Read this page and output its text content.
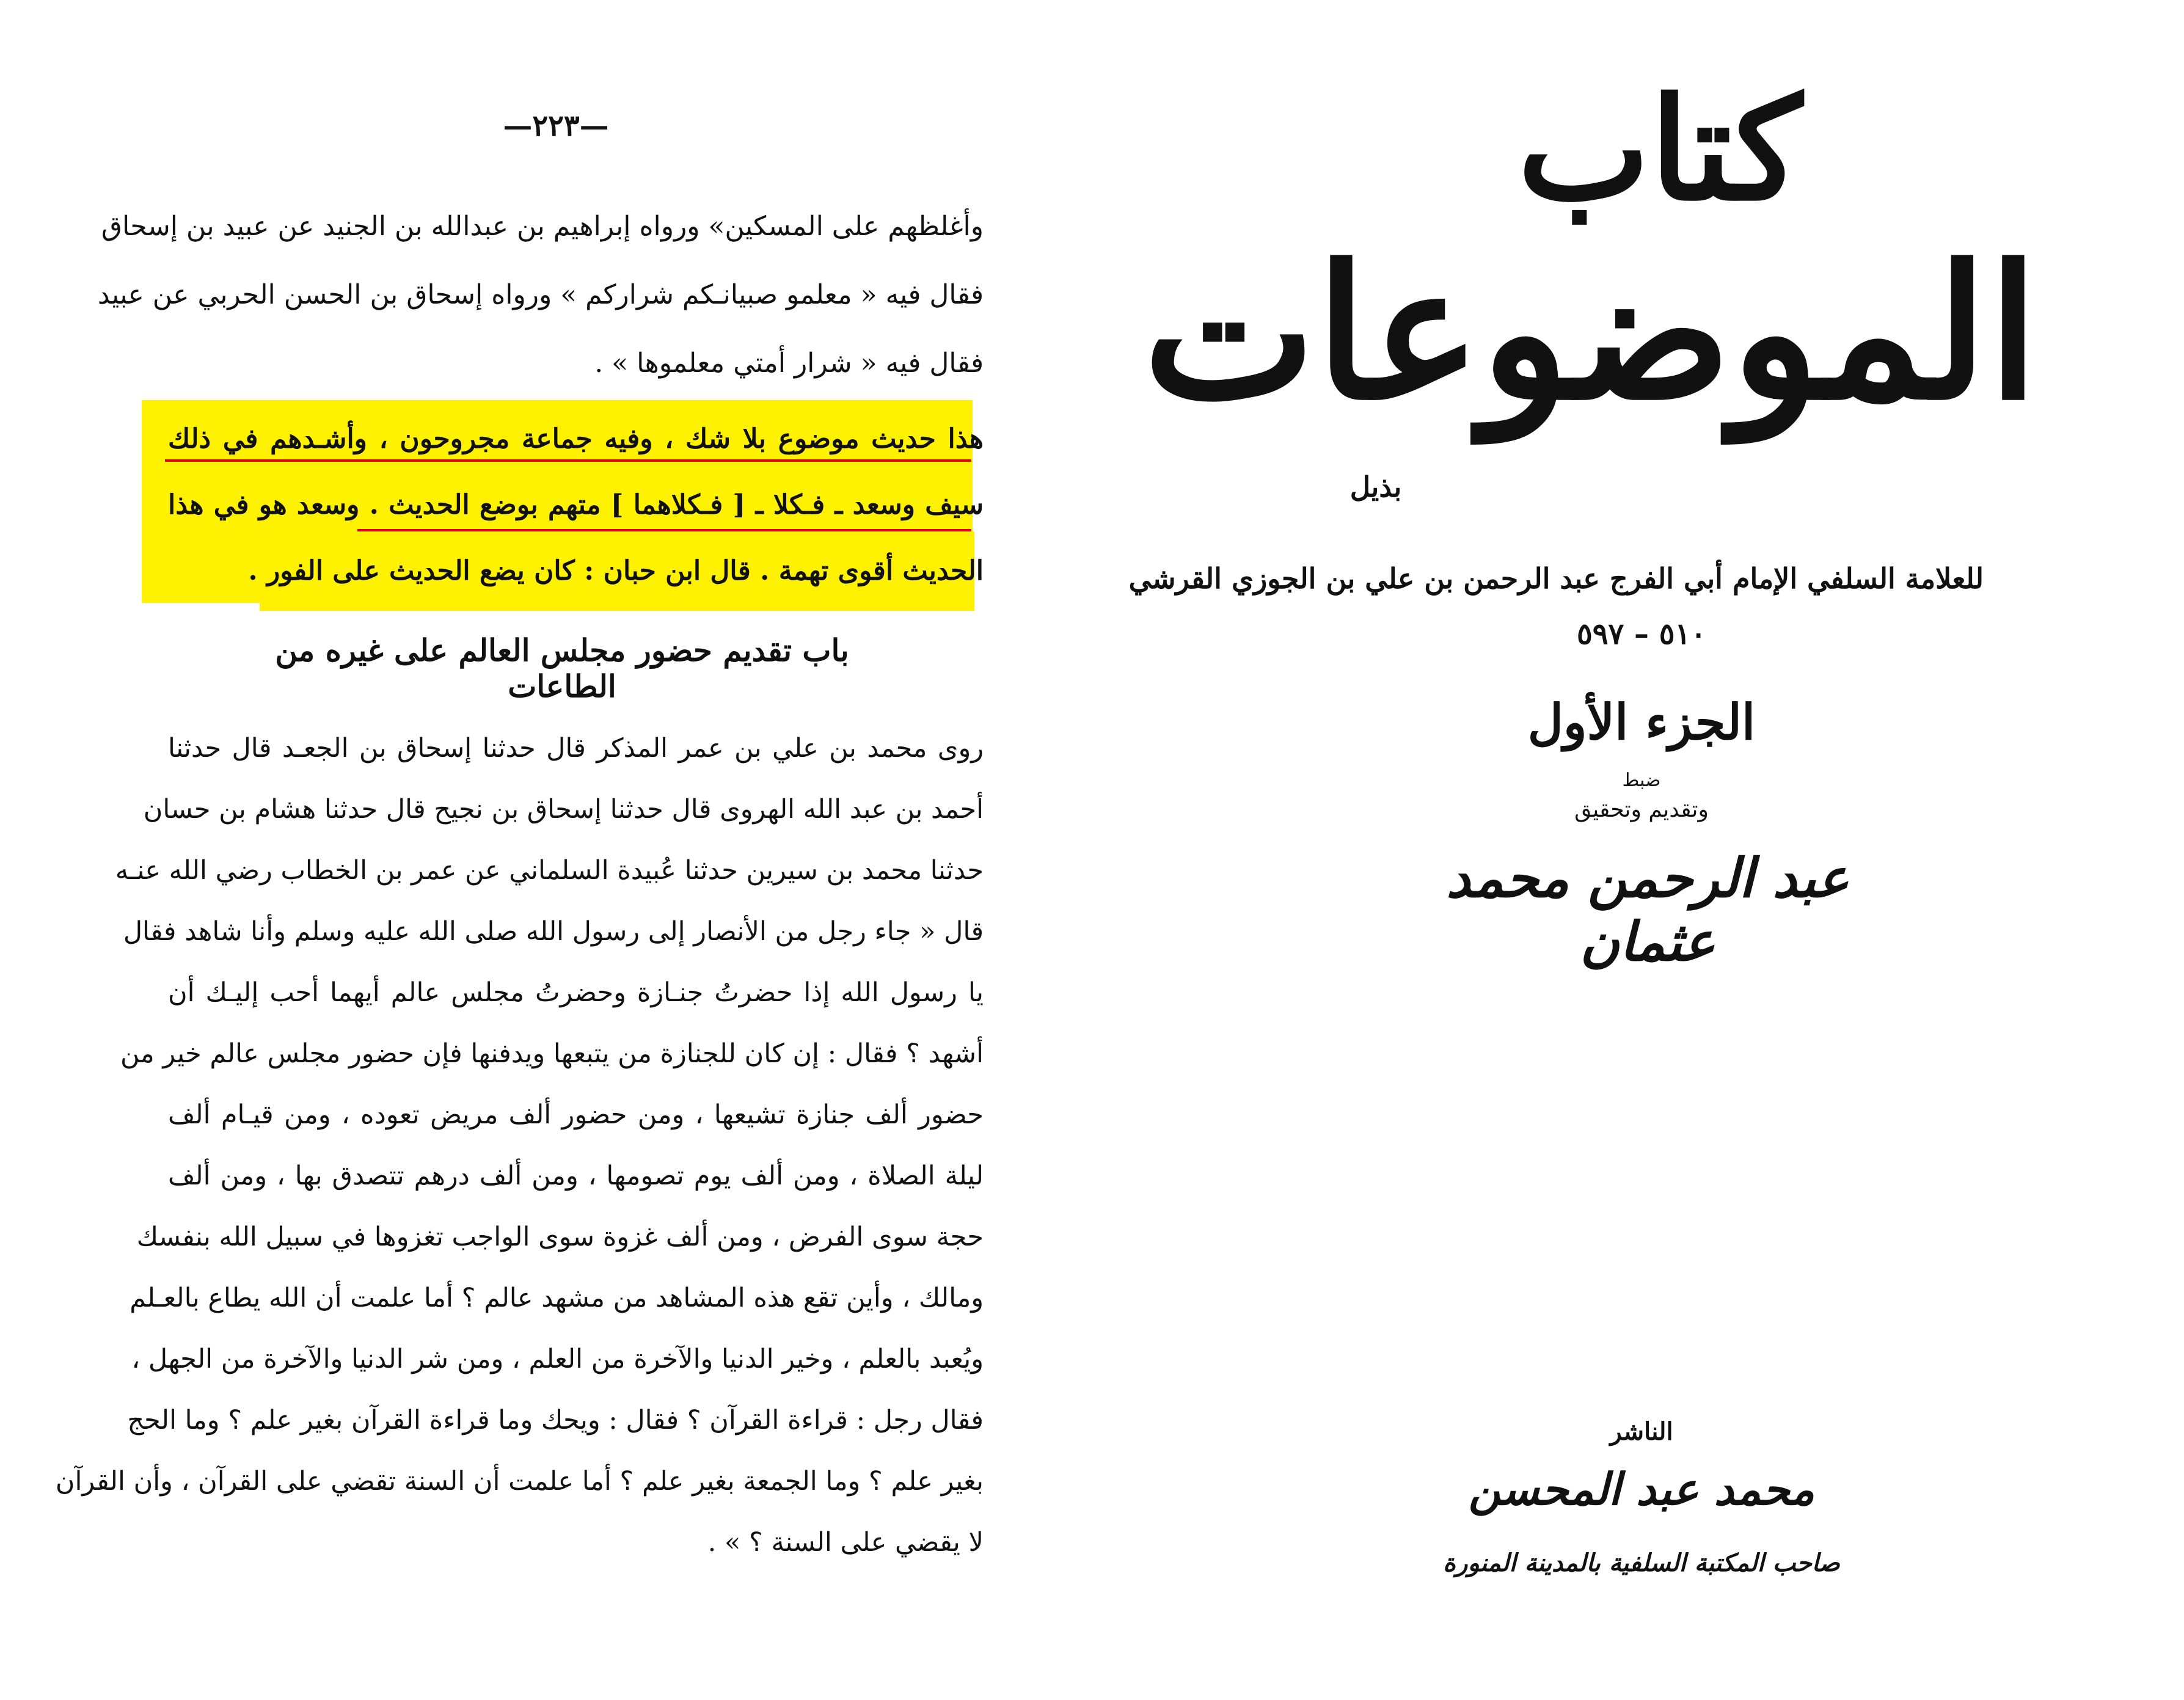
—٢٢٣—
وأغلظهم على المسكين» ورواه إبراهيم بن عبدالله بن الجنيد عن عبيد بن إسحاق
فقال فيه « معلمو صبيانـكم شراركم » ورواه إسحاق بن الحسن الحربي عن عبيد
فقال فيه « شرار أمتي معلموها » .
هذا حديث موضوع بلا شك ، وفيه جماعة مجروحون ، وأشـدهم في ذلك
سيف وسعد ـ فـكلا ـ [ فـكلاهما ] متهم بوضع الحديث . وسعد هو في هذا
الحديث أقوى تهمة . قال ابن حبان : كان يضع الحديث على الفور .
باب تقديم حضور مجلس العالم على غيره من الطاعات
روى محمد بن علي بن عمر المذكر قال حدثنا إسحاق بن الجعـد قال حدثنا
أحمد بن عبد الله الهروى قال حدثنا إسحاق بن نجيح قال حدثنا هشام بن حسان
حدثنا محمد بن سيرين حدثنا عُبيدة السلماني عن عمر بن الخطاب رضي الله عنـه
قال « جاء رجل من الأنصار إلى رسول الله صلى الله عليه وسلم وأنا شاهد فقال
يا رسول الله إذا حضرتُ جنـازة وحضرتُ مجلس عالم أيهما أحب إليـك أن
أشهد ؟ فقال : إن كان للجنازة من يتبعها ويدفنها فإن حضور مجلس عالم خير من
حضور ألف جنازة تشيعها ، ومن حضور ألف مريض تعوده ، ومن قيـام ألف
ليلة الصلاة ، ومن ألف يوم تصومها ، ومن ألف درهم تتصدق بها ، ومن ألف
حجة سوى الفرض ، ومن ألف غزوة سوى الواجب تغزوها في سبيل الله بنفسك
ومالك ، وأين تقع هذه المشاهد من مشهد عالم ؟ أما علمت أن الله يطاع بالعـلم
ويُعبد بالعلم ، وخير الدنيا والآخرة من العلم ، ومن شر الدنيا والآخرة من الجهل ،
فقال رجل : قراءة القرآن ؟ فقال : ويحك وما قراءة القرآن بغير علم ؟ وما الحج
بغير علم ؟ وما الجمعة بغير علم ؟ أما علمت أن السنة تقضي على القرآن ، وأن القرآن
لا يقضي على السنة ؟ » .
كتاب
الموضوعات
بذيل
للعلامة السلفي الإمام أبي الفرج عبد الرحمن بن علي بن الجوزي القرشي
٥١٠ – ٥٩٧
الجزء الأول
ضبط
وتقديم وتحقيق
عبد الرحمن محمد عثمان
الناشر
محمد عبد المحسن
صاحب المكتبة السلفية بالمدينة المنورة
